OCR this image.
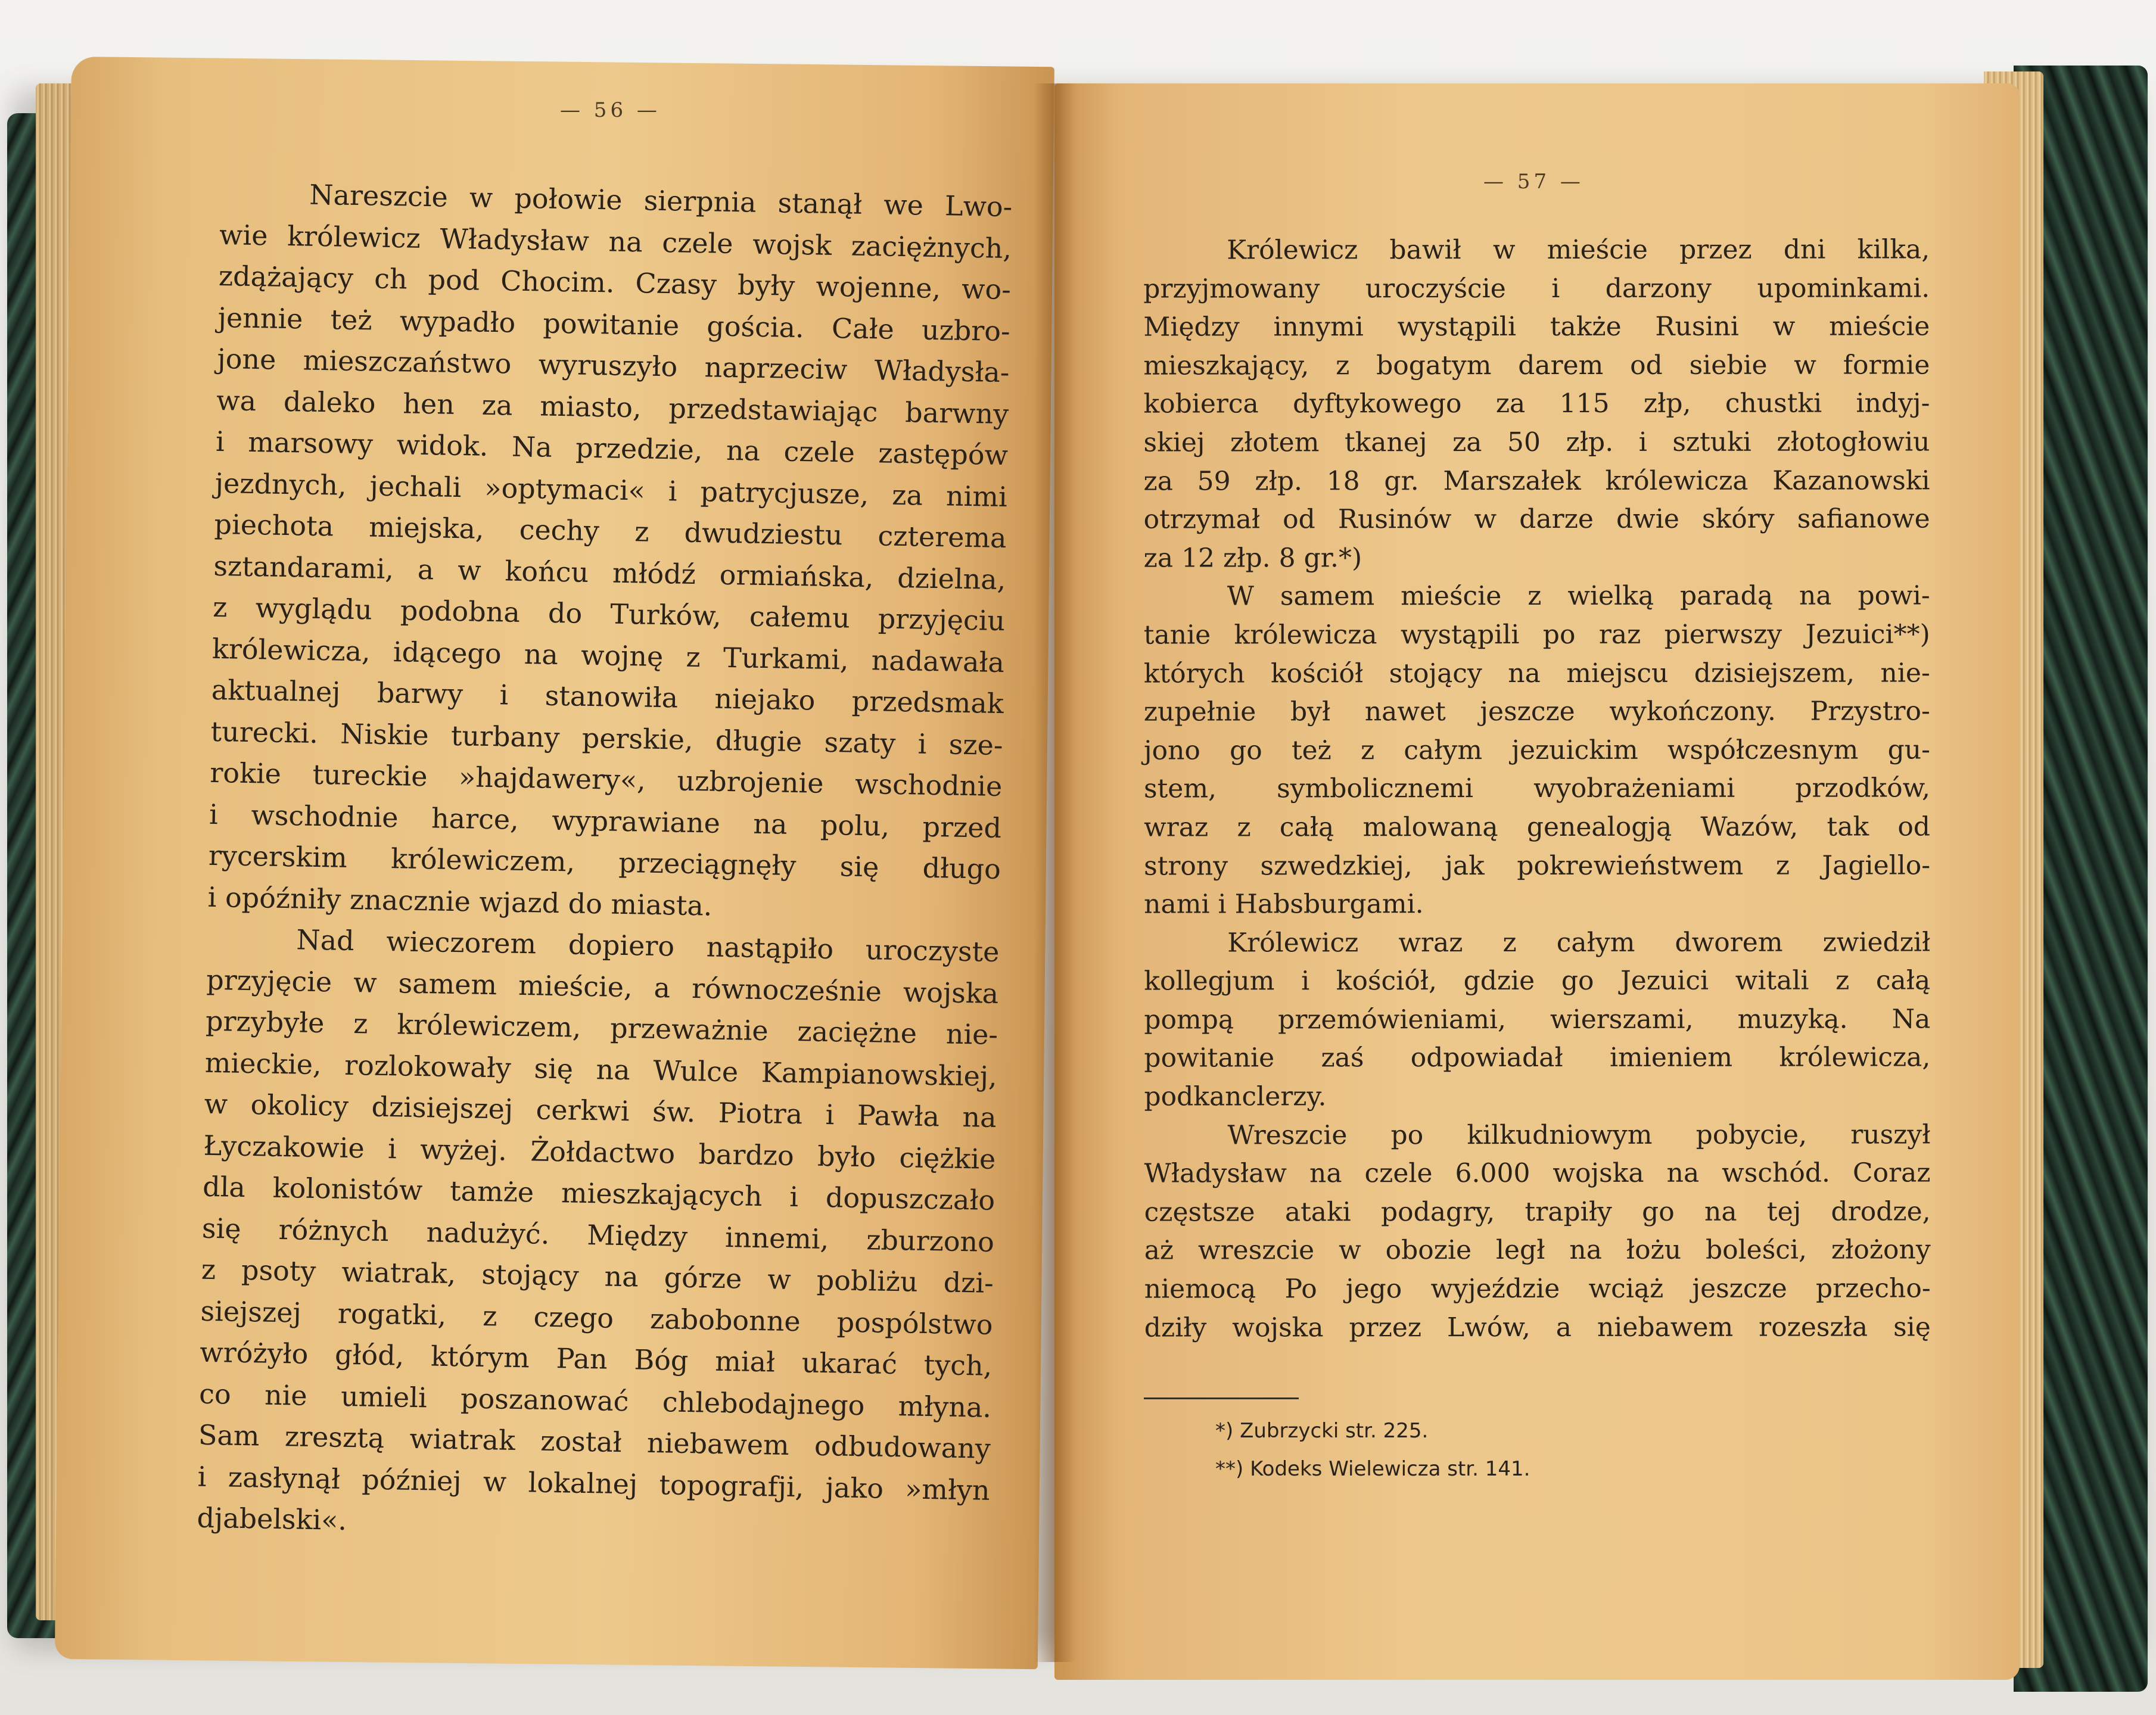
— 56 —
— 57 —
Nareszcie w połowie sierpnia stanął we Lwo-
wie królewicz Władysław na czele wojsk zaciężnych,
zdążający ch pod Chocim. Czasy były wojenne, wo-
jennie też wypadło powitanie gościa. Całe uzbro-
jone mieszczaństwo wyruszyło naprzeciw Władysła-
wa daleko hen za miasto, przedstawiając barwny
i marsowy widok. Na przedzie, na czele zastępów
jezdnych, jechali »optymaci« i patrycjusze, za nimi
piechota miejska, cechy z dwudziestu czterema
sztandarami, a w końcu młódź ormiańska, dzielna,
z wyglądu podobna do Turków, całemu przyjęciu
królewicza, idącego na wojnę z Turkami, nadawała
aktualnej barwy i stanowiła niejako przedsmak
turecki. Niskie turbany perskie, długie szaty i sze-
rokie tureckie »hajdawery«, uzbrojenie wschodnie
i wschodnie harce, wyprawiane na polu, przed
rycerskim królewiczem, przeciągnęły się długo
i opóźniły znacznie wjazd do miasta.
Nad wieczorem dopiero nastąpiło uroczyste
przyjęcie w samem mieście, a równocześnie wojska
przybyłe z królewiczem, przeważnie zaciężne nie-
mieckie, rozlokowały się na Wulce Kampianowskiej,
w okolicy dzisiejszej cerkwi św. Piotra i Pawła na
Łyczakowie i wyżej. Żołdactwo bardzo było ciężkie
dla kolonistów tamże mieszkających i dopuszczało
się różnych nadużyć. Między innemi, zburzono
z psoty wiatrak, stojący na górze w pobliżu dzi-
siejszej rogatki, z czego zabobonne pospólstwo
wróżyło głód, którym Pan Bóg miał ukarać tych,
co nie umieli poszanować chlebodajnego młyna.
Sam zresztą wiatrak został niebawem odbudowany
i zasłynął później w lokalnej topografji, jako »młyn
djabelski«.
Królewicz bawił w mieście przez dni kilka,
przyjmowany uroczyście i darzony upominkami.
Między innymi wystąpili także Rusini w mieście
mieszkający, z bogatym darem od siebie w formie
kobierca dyftykowego za 115 złp, chustki indyj-
skiej złotem tkanej za 50 złp. i sztuki złotogłowiu
za 59 złp. 18 gr. Marszałek królewicza Kazanowski
otrzymał od Rusinów w darze dwie skóry safianowe
za 12 złp. 8 gr.*)
W samem mieście z wielką paradą na powi-
tanie królewicza wystąpili po raz pierwszy Jezuici**)
których kościół stojący na miejscu dzisiejszem, nie-
zupełnie był nawet jeszcze wykończony. Przystro-
jono go też z całym jezuickim współczesnym gu-
stem, symbolicznemi wyobrażeniami przodków,
wraz z całą malowaną genealogją Wazów, tak od
strony szwedzkiej, jak pokrewieństwem z Jagiello-
nami i Habsburgami.
Królewicz wraz z całym dworem zwiedził
kollegjum i kościół, gdzie go Jezuici witali z całą
pompą przemówieniami, wierszami, muzyką. Na
powitanie zaś odpowiadał imieniem królewicza,
podkanclerzy.
Wreszcie po kilkudniowym pobycie, ruszył
Władysław na czele 6.000 wojska na wschód. Coraz
częstsze ataki podagry, trapiły go na tej drodze,
aż wreszcie w obozie legł na łożu boleści, złożony
niemocą Po jego wyjeździe wciąż jeszcze przecho-
dziły wojska przez Lwów, a niebawem rozeszła się
*) Zubrzycki str. 225.
**) Kodeks Wielewicza str. 141.
